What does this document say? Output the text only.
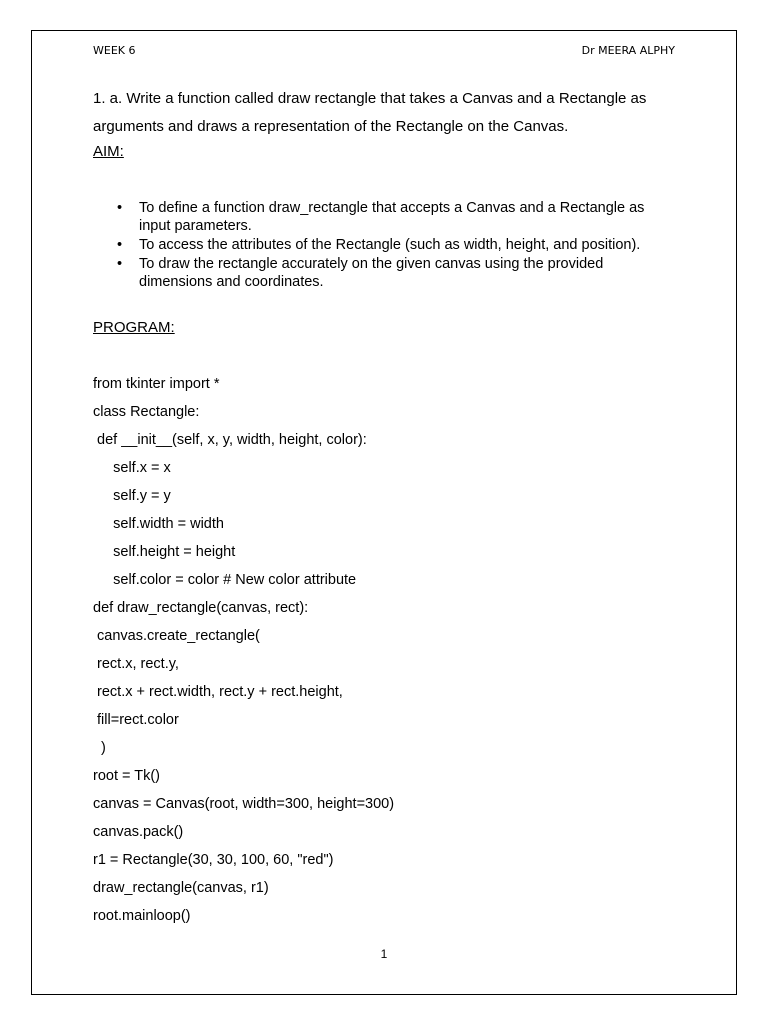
WEEK 6	Dr MEERA ALPHY
1. a. Write a function called draw rectangle that takes a Canvas and a Rectangle as
arguments and draws a representation of the Rectangle on the Canvas.
AIM:
• To define a function draw_rectangle that accepts a Canvas and a Rectangle as input parameters.
• To access the attributes of the Rectangle (such as width, height, and position).
• To draw the rectangle accurately on the given canvas using the provided dimensions and coordinates.
PROGRAM:
from tkinter import *
class Rectangle:
def __init__(self, x, y, width, height, color):
self.x = x
self.y = y
self.width = width
self.height = height
self.color = color # New color attribute
def draw_rectangle(canvas, rect):
canvas.create_rectangle(
rect.x, rect.y,
rect.x + rect.width, rect.y + rect.height,
fill=rect.color
)
root = Tk()
canvas = Canvas(root, width=300, height=300)
canvas.pack()
r1 = Rectangle(30, 30, 100, 60, "red")
draw_rectangle(canvas, r1)
root.mainloop()
1
